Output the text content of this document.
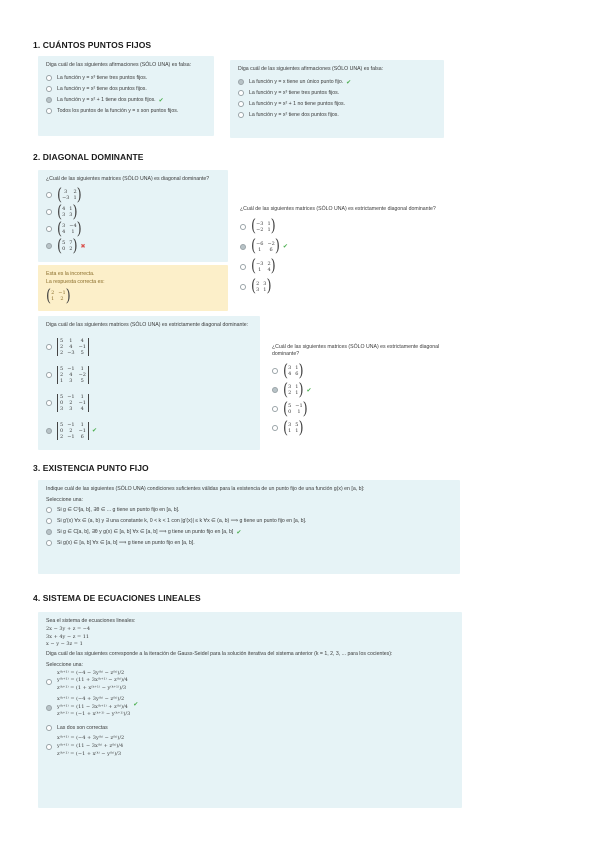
1. CUÁNTOS PUNTOS FIJOS
Diga cuál de las siguientes afirmaciones (SÓLO UNA) es falsa:
La función y = x³ tiene tres puntos fijos.
La función y = x² tiene dos puntos fijos.
La función y = x² + 1 tiene dos puntos fijos. ✔
Todos los puntos de la función y = x son puntos fijos.
Diga cuál de las siguientes afirmaciones (SÓLO UNA) es falsa:
La función y = x tiene un único punto fijo. ✔
La función y = x³ tiene tres puntos fijos.
La función y = x² + 1 no tiene puntos fijos.
La función y = x² tiene dos puntos fijos.
2. DIAGONAL DOMINANTE
¿Cuál de las siguientes matrices (SÓLO UNA) es diagonal dominante?
( 3	2
−3 1 )
( 4 1
3 3 )
( 3 −4
4	1 )
( 5 7
0 2 ) ✖
Esta es la incorrecta.
La respuesta correcta es:
( 2 −1
1	2 )
¿Cuál de las siguientes matrices (SÓLO UNA) es estrictamente diagonal dominante?
( −3 1
−2 1 )
( −6 −2
1	6 ) ✔
( −3 2
1	4 )
( 2 3
3 1 )
Diga cuál de las siguientes matrices (SÓLO UNA) es estrictamente diagonal dominante:
5	1	4
2	4	−1
2 −3	5
5 −1	1
2	4	−2
1	3	5
5 −1	1
0	2	−1
3	3	4
5 −1	1
0	2	−1
2 −1	6
✔
¿Cuál de las siguientes matrices (SÓLO UNA) es estrictamente diagonal dominante?
( 3 1
4 6 )
( 3 1
2 1 ) ✔
( 5 −1
0	1 )
( 3 5
1 1 )
3. EXISTENCIA PUNTO FIJO
Indique cuál de las siguientes (SÓLO UNA) condiciones suficientes válidas para la existencia de un punto fijo de una función g(x) en [a, b]:
Seleccione una:
Si g ∈ C¹[a, b], ∃θ ∈ ... g tiene un punto fijo en [a, b].
Si g′(x) ∀x ∈ (a, b) y ∃ una constante k, 0 < k < 1 con |g′(x)| ≤ k ∀x ∈ (a, b) ⟹ g tiene un punto fijo en [a, b].
Si g ∈ C[a, b], ∃θ y g(x) ∈ [a, b] ∀x ∈ [a, b] ⟹ g tiene un punto fijo en [a, b] ✔
Si g(x) ∈ [a, b] ∀x ∈ [a, b] ⟹ g tiene un punto fijo en [a, b].
4. SISTEMA DE ECUACIONES LINEALES
Sea el sistema de ecuaciones lineales:
2x − 3y + z = −4
3x + 4y − z = 11
x − y − 3z = 1
Diga cuál de las siguientes corresponde a la iteración de Gauss-Seidel para la solución iterativa del sistema anterior (k = 1, 2, 3, ... para los cocientes):
Seleccione una:
x⁽ᵏ⁺¹⁾ = (−4 − 3y⁽ᵏ⁾ − z⁽ᵏ⁾)/2
y⁽ᵏ⁺¹⁾ = (11 + 3x⁽ᵏ⁺¹⁾ − z⁽ᵏ⁾)/4
z⁽ᵏ⁺¹⁾ = (1 + x⁽ᵏ⁺¹⁾ − y⁽ᵏ⁺¹⁾)/3
x⁽ᵏ⁺¹⁾ = (−4 + 3y⁽ᵏ⁾ − z⁽ᵏ⁾)/2
y⁽ᵏ⁺¹⁾ = (11 − 3x⁽ᵏ⁺¹⁾ + z⁽ᵏ⁾)/4
z⁽ᵏ⁺¹⁾ = (−1 + x⁽ᵏ⁺¹⁾ − y⁽ᵏ⁺¹⁾)/3
✔
Las dos son correctas
x⁽ᵏ⁺¹⁾ = (−4 + 3y⁽ᵏ⁾ − z⁽ᵏ⁾)/2
y⁽ᵏ⁺¹⁾ = (11 − 3x⁽ᵏ⁾ + z⁽ᵏ⁾)/4
z⁽ᵏ⁺¹⁾ = (−1 + x⁽ᵏ⁾ − y⁽ᵏ⁾)/3
